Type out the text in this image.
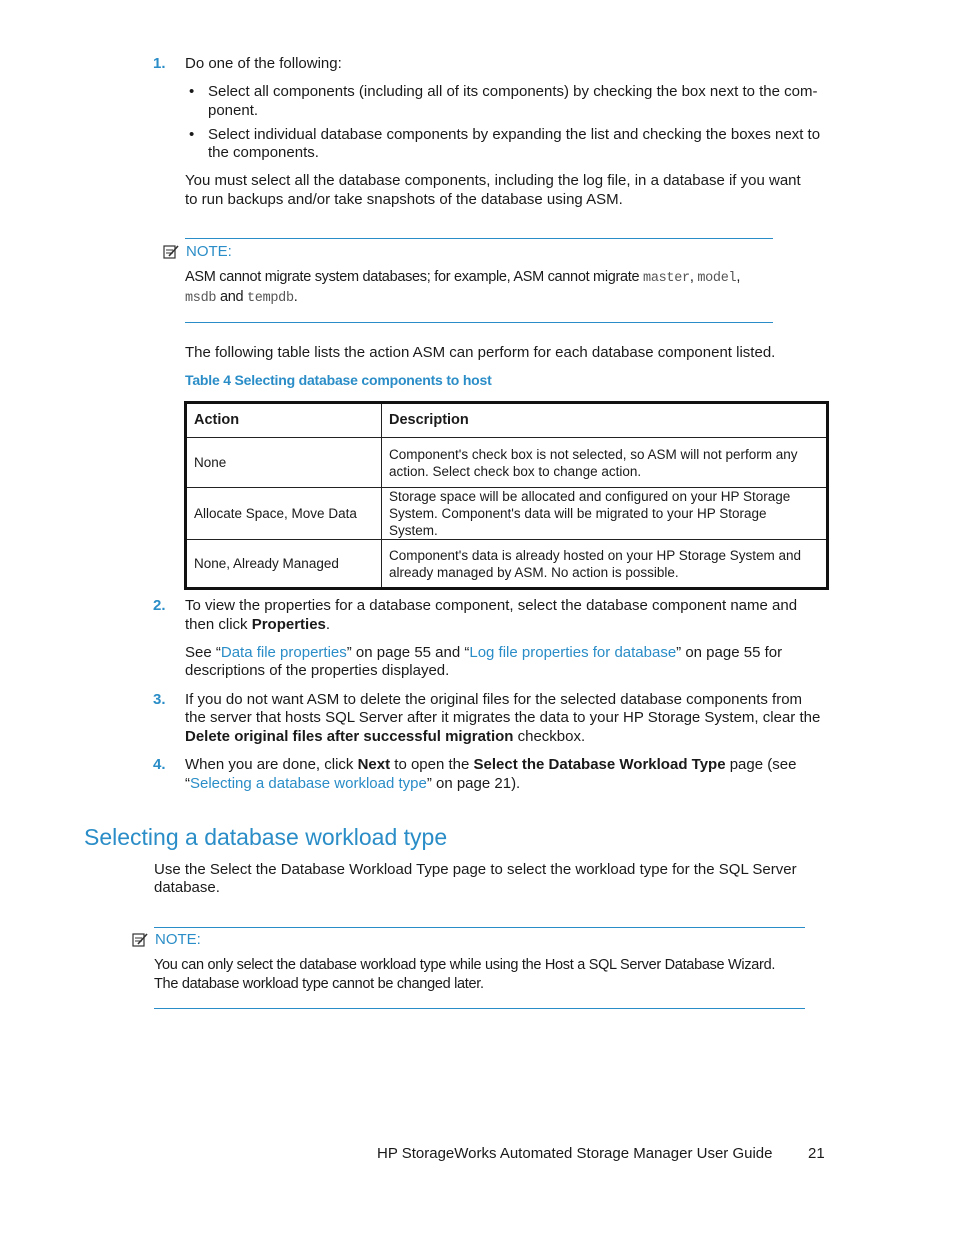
1. Do one of the following:
• Select all components (including all of its components) by checking the box next to the com-
ponent.
• Select individual database components by expanding the list and checking the boxes next to
the components.
You must select all the database components, including the log file, in a database if you want
to run backups and/or take snapshots of the database using ASM.
NOTE:
ASM cannot migrate system databases; for example, ASM cannot migrate master, model,
msdb and tempdb.
The following table lists the action ASM can perform for each database component listed.
Table 4 Selecting database components to host
Action	Description
None	Component's check box is not selected, so ASM will not perform any
action. Select check box to change action.

Allocate Space, Move Data	Storage space will be allocated and configured on your HP Storage
System. Component's data will be migrated to your HP Storage System.

None, Already Managed	Component's data is already hosted on your HP Storage System and
already managed by ASM. No action is possible.
2. To view the properties for a database component, select the database component name and
then click Properties.
See “Data file properties” on page 55 and “Log file properties for database” on page 55 for
descriptions of the properties displayed.
3. If you do not want ASM to delete the original files for the selected database components from
the server that hosts SQL Server after it migrates the data to your HP Storage System, clear the
Delete original files after successful migration checkbox.
4. When you are done, click Next to open the Select the Database Workload Type page (see
“Selecting a database workload type” on page 21).
Selecting a database workload type
Use the Select the Database Workload Type page to select the workload type for the SQL Server
database.
NOTE:
You can only select the database workload type while using the Host a SQL Server Database Wizard.
The database workload type cannot be changed later.
HP StorageWorks Automated Storage Manager User Guide 21
